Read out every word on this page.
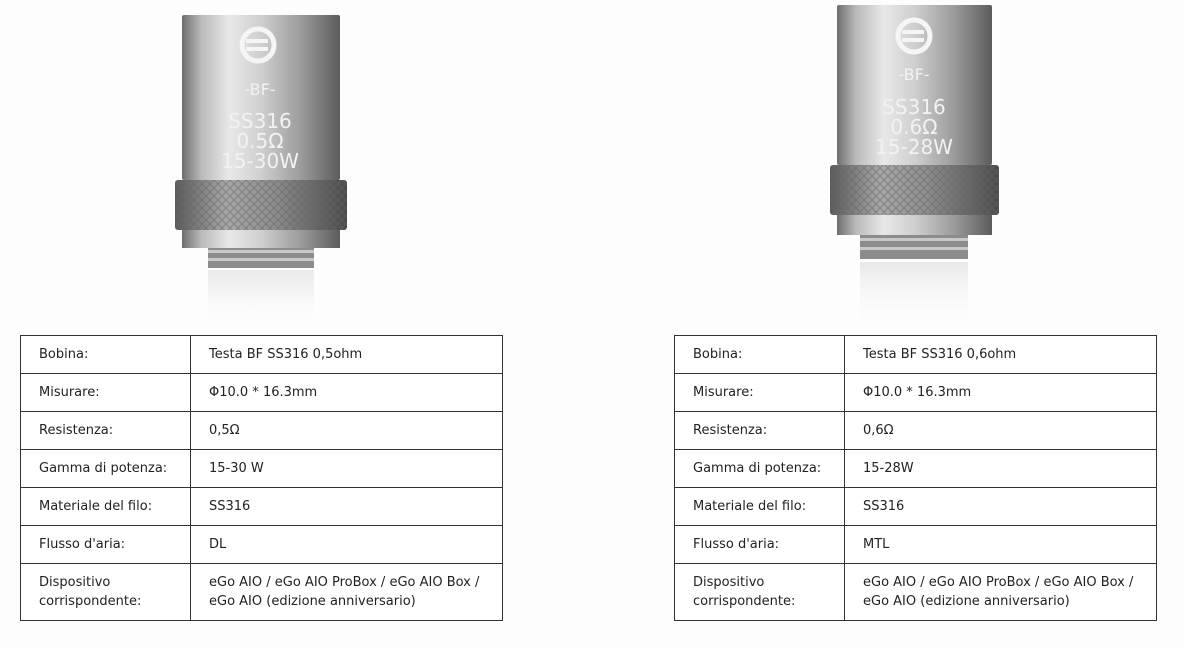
-BF-
SS316
0.5Ω
15-30W
Bobina:	Testa BF SS316 0,5ohm
Misurare:	Φ10.0 * 16.3mm
Resistenza:	0,5Ω
Gamma di potenza:	15-30 W
Materiale del filo:	SS316
Flusso d'aria:	DL
Dispositivo corrispondente:	eGo AIO / eGo AIO ProBox / eGo AIO Box / eGo AIO (edizione anniversario)
-BF-
SS316
0.6Ω
15-28W
Bobina:	Testa BF SS316 0,6ohm
Misurare:	Φ10.0 * 16.3mm
Resistenza:	0,6Ω
Gamma di potenza:	15-28W
Materiale del filo:	SS316
Flusso d'aria:	MTL
Dispositivo corrispondente:	eGo AIO / eGo AIO ProBox / eGo AIO Box / eGo AIO (edizione anniversario)
